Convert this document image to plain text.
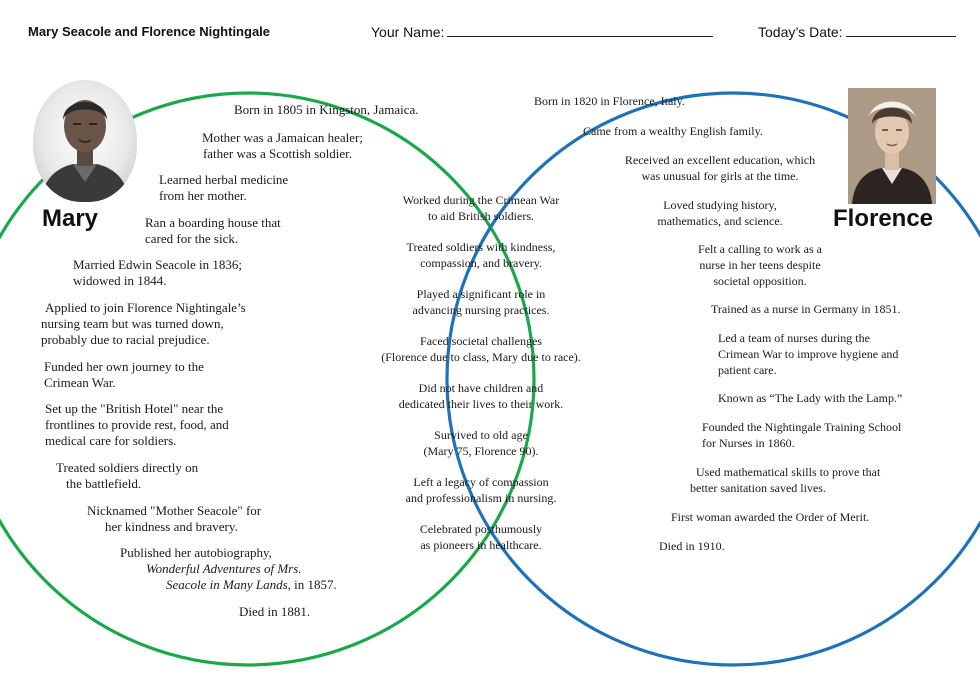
Mary Seacole and Florence Nightingale	Your Name:	Today’s Date:
Mary	Florence
Born in 1805 in Kingston, Jamaica.
Mother was a Jamaican healer;
father was a Scottish soldier.
Learned herbal medicine
from her mother.
Ran a boarding house that
cared for the sick.
Married Edwin Seacole in 1836;
widowed in 1844.
Applied to join Florence Nightingale’s
nursing team but was turned down,
probably due to racial prejudice.
Funded her own journey to the
Crimean War.
Set up the "British Hotel" near the
frontlines to provide rest, food, and
medical care for soldiers.
Treated soldiers directly on
the battlefield.
Nicknamed "Mother Seacole" for
her kindness and bravery.
Published her autobiography,
Wonderful Adventures of Mrs.
Seacole in Many Lands, in 1857.
Died in 1881.
Worked during the Crimean War
to aid British soldiers.
Treated soldiers with kindness,
compassion, and bravery.
Played a significant role in
advancing nursing practices.
Faced societal challenges
(Florence due to class, Mary due to race).
Did not have children and
dedicated their lives to their work.
Survived to old age
(Mary 75, Florence 90).
Left a legacy of compassion
and professionalism in nursing.
Celebrated posthumously
as pioneers in healthcare.
Born in 1820 in Florence, Italy.
Came from a wealthy English family.
Received an excellent education, which
was unusual for girls at the time.
Loved studying history,
mathematics, and science.
Felt a calling to work as a
nurse in her teens despite
societal opposition.
Trained as a nurse in Germany in 1851.
Led a team of nurses during the
Crimean War to improve hygiene and
patient care.
Known as “The Lady with the Lamp.”
Founded the Nightingale Training School
for Nurses in 1860.
Used mathematical skills to prove that
better sanitation saved lives.
First woman awarded the Order of Merit.
Died in 1910.
